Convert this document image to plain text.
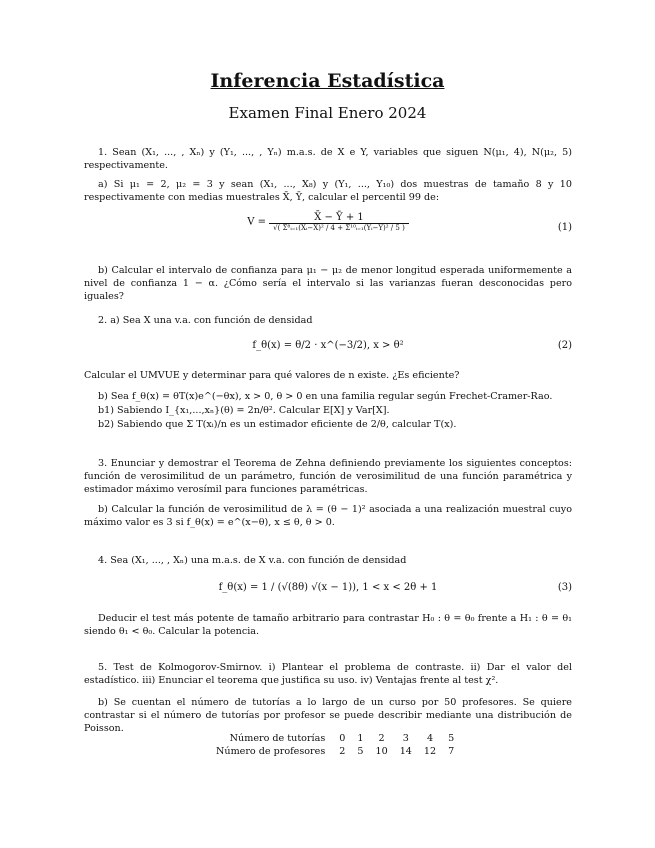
Inferencia Estadística
Examen Final Enero 2024
1. Sean (X₁, ..., , Xₙ) y (Y₁, ..., , Yₙ) m.a.s. de X e Y, variables que siguen N(μ₁, 4), N(μ₂, 5) respectivamente.
a) Si μ₁ = 2, μ₂ = 3 y sean (X₁, ..., X₈) y (Y₁, ..., Y₁₀) dos muestras de tamaño 8 y 10 respectivamente con medias muestrales X̄, Ȳ, calcular el percentil 99 de:
$V = \frac{X̄ - Ȳ + 1}{\text{√( Σ⁸ᵢ₌₁(Xᵢ−X̄)² / 4 + Σ¹⁰ᵢ₌₁(Yᵢ−Ȳ)² / 5 )}}$	(1)
b) Calcular el intervalo de confianza para μ₁ − μ₂ de menor longitud esperada uniformemente a nivel de confianza 1 − α. ¿Cómo sería el intervalo si las varianzas fueran desconocidas pero iguales?
2. a) Sea X una v.a. con función de densidad
f_θ(x) = θ/2 · x^(−3/2), x > θ²	(2)
Calcular el UMVUE y determinar para qué valores de n existe. ¿Es eficiente?
b) Sea f_θ(x) = θT(x)e^(−θx), x > 0, θ > 0 en una familia regular según Frechet-Cramer-Rao.
b1) Sabiendo I_{x₁,...,xₙ}(θ) = 2n/θ². Calcular E[X] y Var[X].
b2) Sabiendo que Σ T(xᵢ)/n es un estimador eficiente de 2/θ, calcular T(x).
3. Enunciar y demostrar el Teorema de Zehna definiendo previamente los siguientes conceptos: función de verosimilitud de un parámetro, función de verosimilitud de una función paramétrica y estimador máximo verosímil para funciones paramétricas.
b) Calcular la función de verosimilitud de λ = (θ − 1)² asociada a una realización muestral cuyo máximo valor es 3 si f_θ(x) = e^(x−θ), x ≤ θ, θ > 0.
4. Sea (X₁, ..., , Xₙ) una m.a.s. de X v.a. con función de densidad
f_θ(x) = 1 / (√(8θ) √(x − 1)), 1 < x < 2θ + 1	(3)
Deducir el test más potente de tamaño arbitrario para contrastar H₀ : θ = θ₀ frente a H₁ : θ = θ₁ siendo θ₁ < θ₀. Calcular la potencia.
5. Test de Kolmogorov-Smirnov. i) Plantear el problema de contraste. ii) Dar el valor del estadístico. iii) Enunciar el teorema que justifica su uso. iv) Ventajas frente al test χ².
b) Se cuentan el número de tutorías a lo largo de un curso por 50 profesores. Se quiere contrastar si el número de tutorías por profesor se puede describir mediante una distribución de Poisson.
Número de tutorías	0	1	2	3	4	5
Número de profesores	2	5	10	14	12	7
